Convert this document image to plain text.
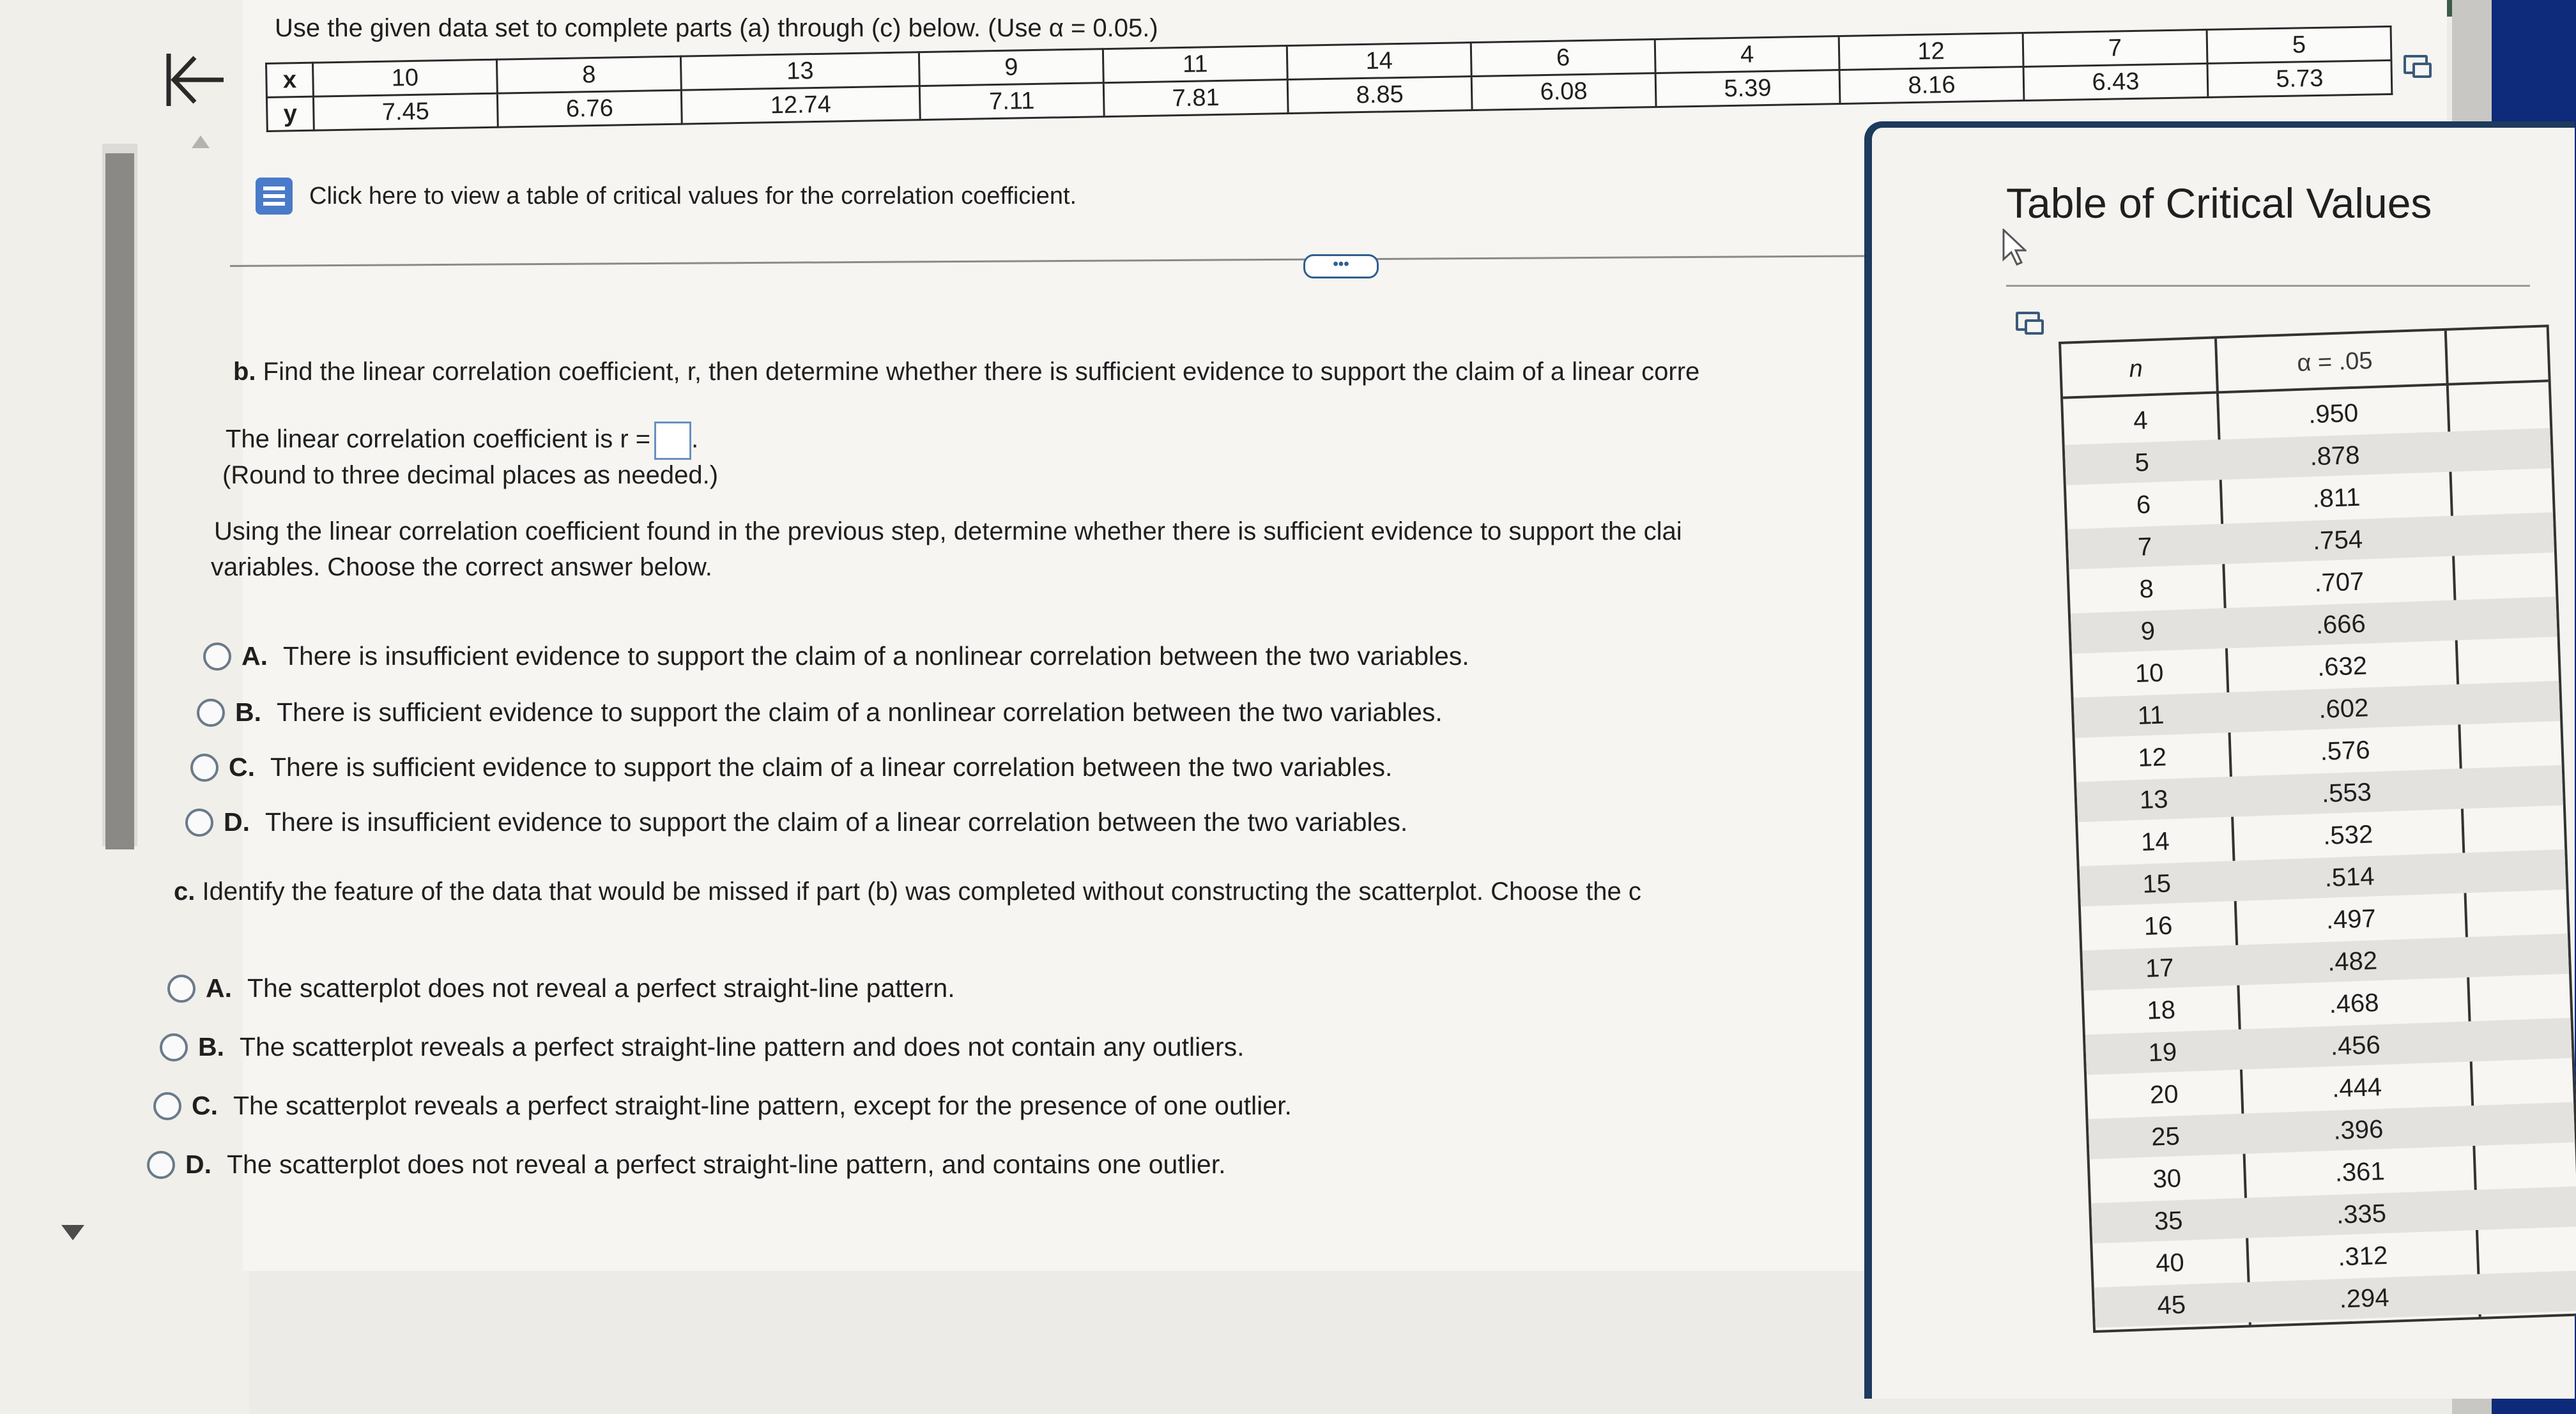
Use the given data set to complete parts (a) through (c) below. (Use α = 0.05.)
x	10	8	13	9	11	14	6	4	12	7	5
y	7.45	6.76	12.74	7.11	7.81	8.85	6.08	5.39	8.16	6.43	5.73
Click here to view a table of critical values for the correlation coefficient.
•••
b. Find the linear correlation coefficient, r, then determine whether there is sufficient evidence to support the claim of a linear corre
The linear correlation coefficient is r = .
(Round to three decimal places as needed.)
Using the linear correlation coefficient found in the previous step, determine whether there is sufficient evidence to support the clai
variables. Choose the correct answer below.
A. There is insufficient evidence to support the claim of a nonlinear correlation between the two variables.
B. There is sufficient evidence to support the claim of a nonlinear correlation between the two variables.
C. There is sufficient evidence to support the claim of a linear correlation between the two variables.
D. There is insufficient evidence to support the claim of a linear correlation between the two variables.
c. Identify the feature of the data that would be missed if part (b) was completed without constructing the scatterplot. Choose the c
A. The scatterplot does not reveal a perfect straight-line pattern.
B. The scatterplot reveals a perfect straight-line pattern and does not contain any outliers.
C. The scatterplot reveals a perfect straight-line pattern, except for the presence of one outlier.
D. The scatterplot does not reveal a perfect straight-line pattern, and contains one outlier.
Table of Critical Values
n	α = .05
4	.950
5	.878
6	.811
7	.754
8	.707
9	.666
10	.632
11	.602
12	.576
13	.553
14	.532
15	.514
16	.497
17	.482
18	.468
19	.456
20	.444
25	.396
30	.361
35	.335
40	.312
45	.294
